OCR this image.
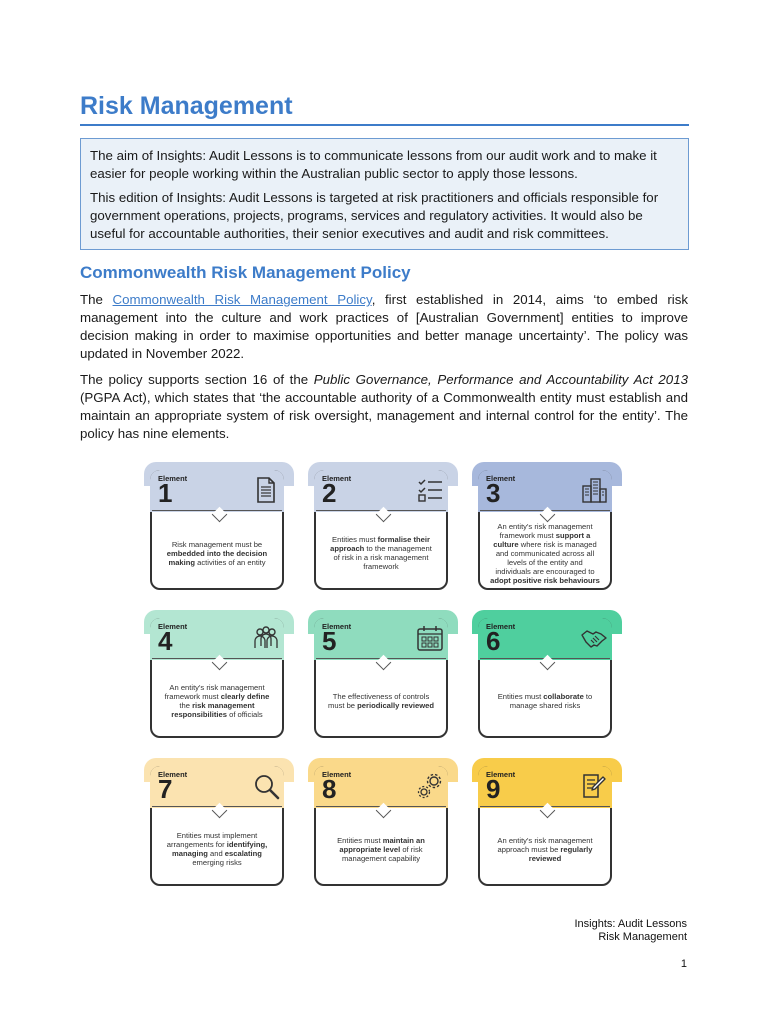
Risk Management

The aim of Insights: Audit Lessons is to communicate lessons from our audit work and to make it easier for people working within the Australian public sector to apply those lessons.

This edition of Insights: Audit Lessons is targeted at risk practitioners and officials responsible for government operations, projects, programs, services and regulatory activities. It would also be useful for accountable authorities, their senior executives and audit and risk committees.

Commonwealth Risk Management Policy

The Commonwealth Risk Management Policy, first established in 2014, aims ‘to embed risk management into the culture and work practices of [Australian Government] entities to improve decision making in order to maximise opportunities and better manage uncertainty’. The policy was updated in November 2022.

The policy supports section 16 of the Public Governance, Performance and Accountability Act 2013 (PGPA Act), which states that ‘the accountable authority of a Commonwealth entity must establish and maintain an appropriate system of risk oversight, management and internal control for the entity’. The policy has nine elements.

Element
1
Risk management must be embedded into the decision making activities of an entity
Element
2
Entities must formalise their approach to the management of risk in a risk management framework
Element
3
An entity's risk management framework must support a culture where risk is managed and communicated across all levels of the entity and individuals are encouraged to adopt positive risk behaviours
Element
4
An entity's risk management framework must clearly define the risk management responsibilities of officials
Element
5
The effectiveness of controls must be periodically reviewed
Element
6
Entities must collaborate to manage shared risks
Element
7
Entities must implement arrangements for identifying, managing and escalating emerging risks
Element
8
Entities must maintain an appropriate level of risk management capability
Element
9
An entity's risk management approach must be regularly reviewed
Insights: Audit Lessons
Risk Management
1
